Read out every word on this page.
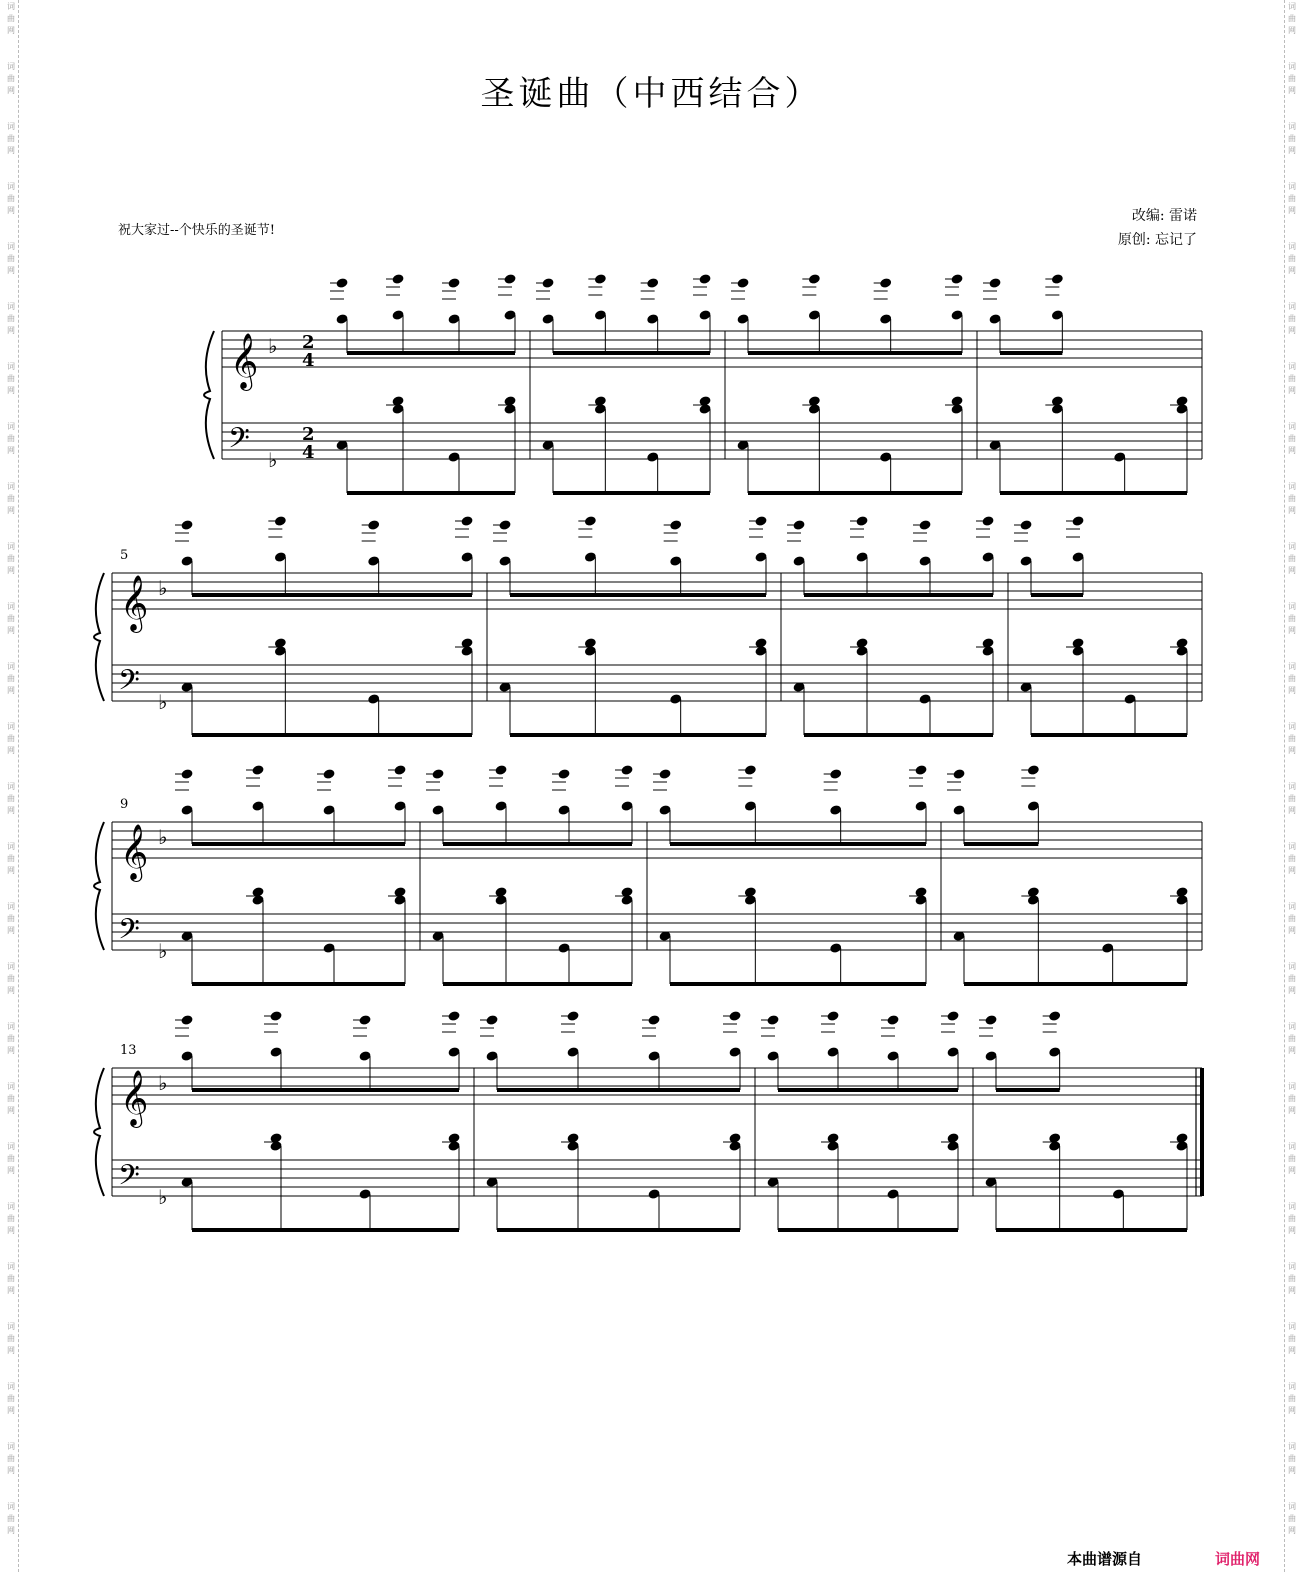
词
曲
网
词
曲
网
词
曲
网
词
曲
网
词
曲
网
词
曲
网
词
曲
网
词
曲
网
词
曲
网
词
曲
网
词
曲
网
词
曲
网
词
曲
网
词
曲
网
词
曲
网
词
曲
网
词
曲
网
词
曲
网
词
曲
网
词
曲
网
词
曲
网
词
曲
网
词
曲
网
词
曲
网
词
曲
网
词
曲
网
词
曲
网
词
曲
网
词
曲
网
词
曲
网
词
曲
网
词
曲
网
词
曲
网
词
曲
网
词
曲
网
词
曲
网
词
曲
网
词
曲
网
词
曲
网
词
曲
网
词
曲
网
词
曲
网
词
曲
网
词
曲
网
词
曲
网
词
曲
网
词
曲
网
词
曲
网
词
曲
网
词
曲
网
词
曲
网
词
曲
网
圣诞曲（中西结合）
祝大家过--个快乐的圣诞节!
改编: 雷诺
原创: 忘记了
𝄞
𝄢
♭
♭
2
4
2
4
𝄞
𝄢
♭
♭
5
𝄞
𝄢
♭
♭
9
𝄞
𝄢
♭
♭
13
本曲谱源自	词曲网
